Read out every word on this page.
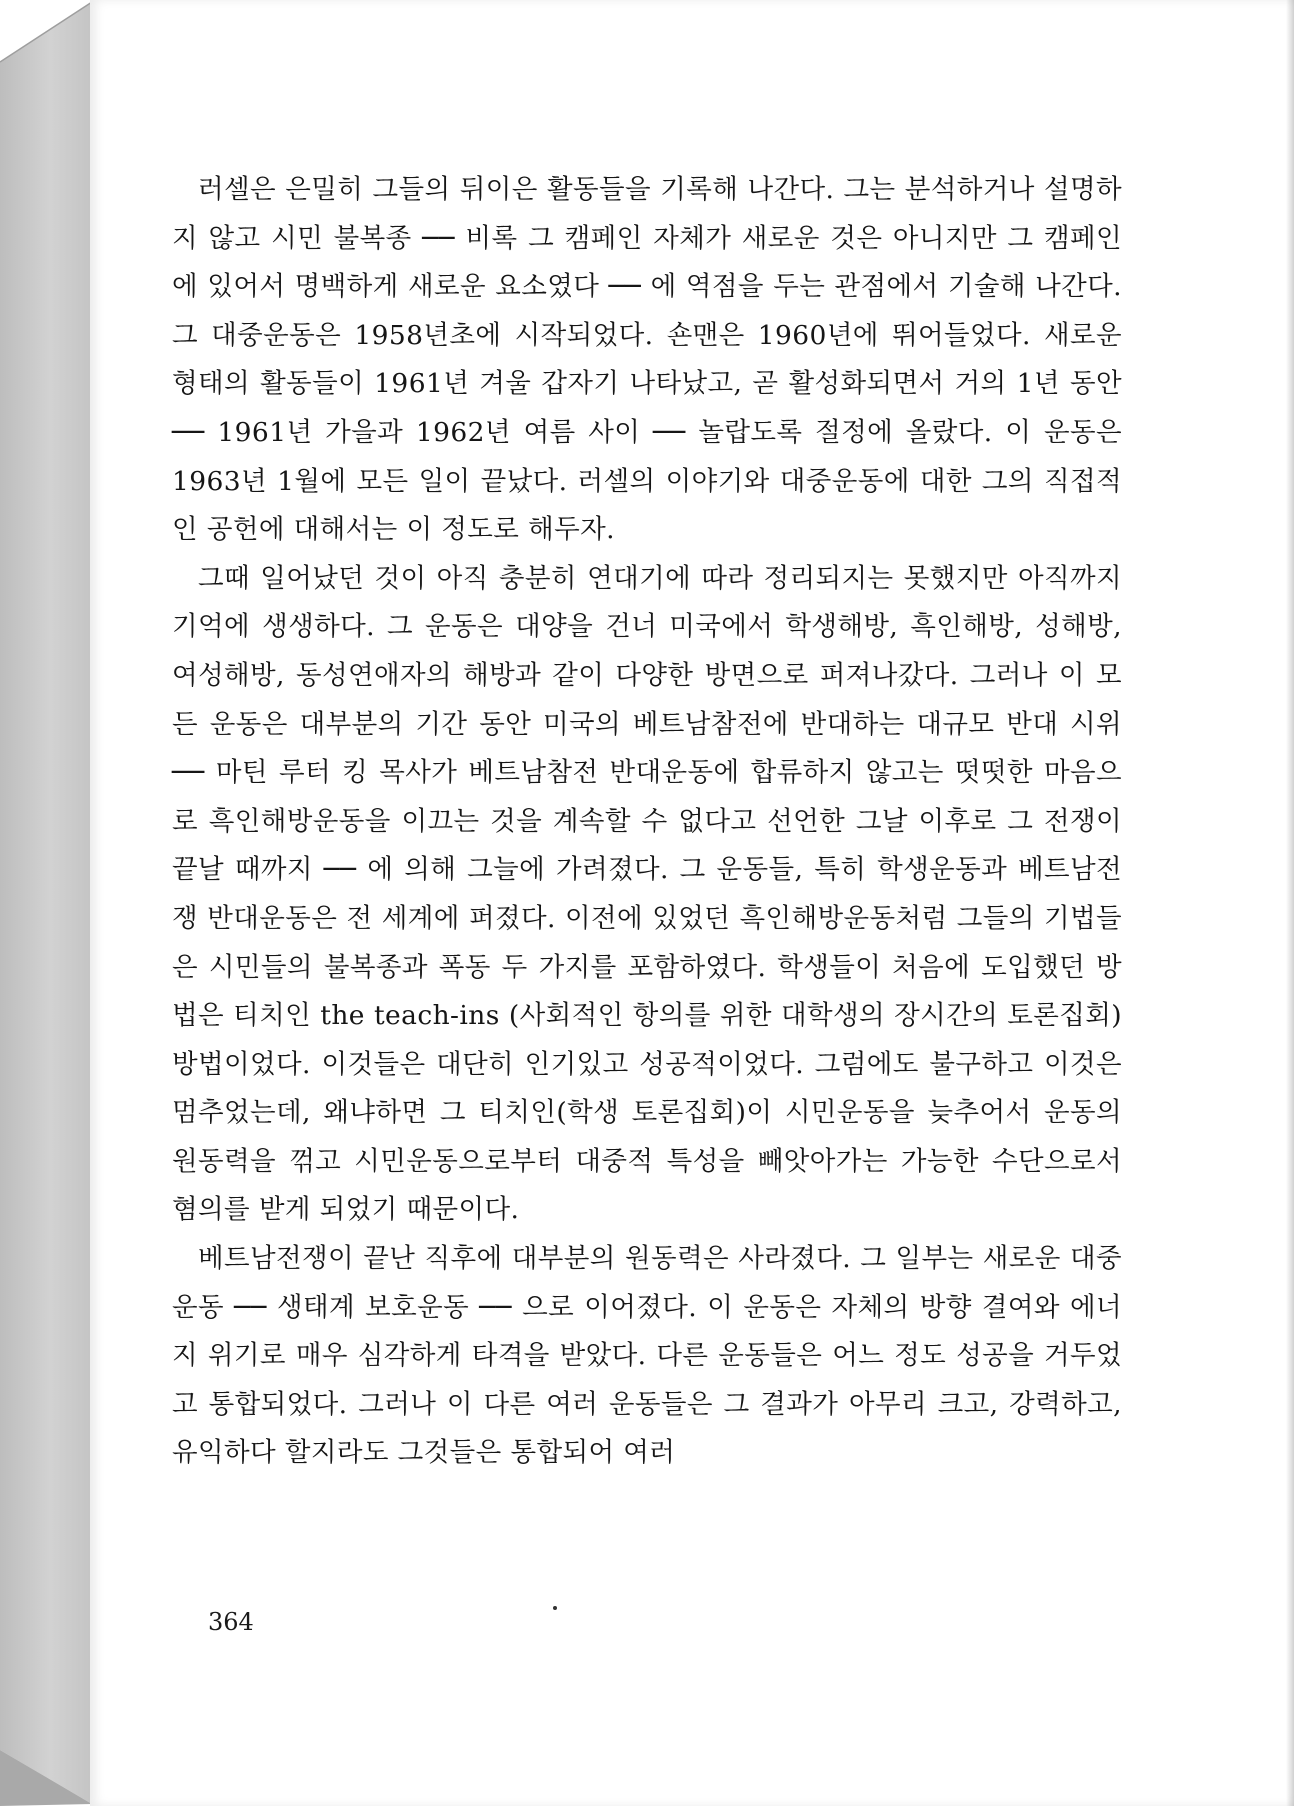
러셀은 은밀히 그들의 뒤이은 활동들을 기록해 나간다. 그는 분석하거나 설명하지 않고 시민 불복종 ── 비록 그 캠페인 자체가 새로운 것은 아니지만 그 캠페인에 있어서 명백하게 새로운 요소였다 ── 에 역점을 두는 관점에서 기술해 나간다. 그 대중운동은 1958년초에 시작되었다. 숀맨은 1960년에 뛰어들었다. 새로운 형태의 활동들이 1961년 겨울 갑자기 나타났고, 곧 활성화되면서 거의 1년 동안 ── 1961년 가을과 1962년 여름 사이 ── 놀랍도록 절정에 올랐다. 이 운동은 1963년 1월에 모든 일이 끝났다. 러셀의 이야기와 대중운동에 대한 그의 직접적인 공헌에 대해서는 이 정도로 해두자.

그때 일어났던 것이 아직 충분히 연대기에 따라 정리되지는 못했지만 아직까지 기억에 생생하다. 그 운동은 대양을 건너 미국에서 학생해방, 흑인해방, 성해방, 여성해방, 동성연애자의 해방과 같이 다양한 방면으로 퍼져나갔다. 그러나 이 모든 운동은 대부분의 기간 동안 미국의 베트남참전에 반대하는 대규모 반대 시위 ── 마틴 루터 킹 목사가 베트남참전 반대운동에 합류하지 않고는 떳떳한 마음으로 흑인해방운동을 이끄는 것을 계속할 수 없다고 선언한 그날 이후로 그 전쟁이 끝날 때까지 ── 에 의해 그늘에 가려졌다. 그 운동들, 특히 학생운동과 베트남전쟁 반대운동은 전 세계에 퍼졌다. 이전에 있었던 흑인해방운동처럼 그들의 기법들은 시민들의 불복종과 폭동 두 가지를 포함하였다. 학생들이 처음에 도입했던 방법은 티치인 the teach-ins (사회적인 항의를 위한 대학생의 장시간의 토론집회) 방법이었다. 이것들은 대단히 인기있고 성공적이었다. 그럼에도 불구하고 이것은 멈추었는데, 왜냐하면 그 티치인(학생 토론집회)이 시민운동을 늦추어서 운동의 원동력을 꺾고 시민운동으로부터 대중적 특성을 빼앗아가는 가능한 수단으로서 혐의를 받게 되었기 때문이다.

베트남전쟁이 끝난 직후에 대부분의 원동력은 사라졌다. 그 일부는 새로운 대중운동 ── 생태계 보호운동 ── 으로 이어졌다. 이 운동은 자체의 방향 결여와 에너지 위기로 매우 심각하게 타격을 받았다. 다른 운동들은 어느 정도 성공을 거두었고 통합되었다. 그러나 이 다른 여러 운동들은 그 결과가 아무리 크고, 강력하고, 유익하다 할지라도 그것들은 통합되어 여러

364
